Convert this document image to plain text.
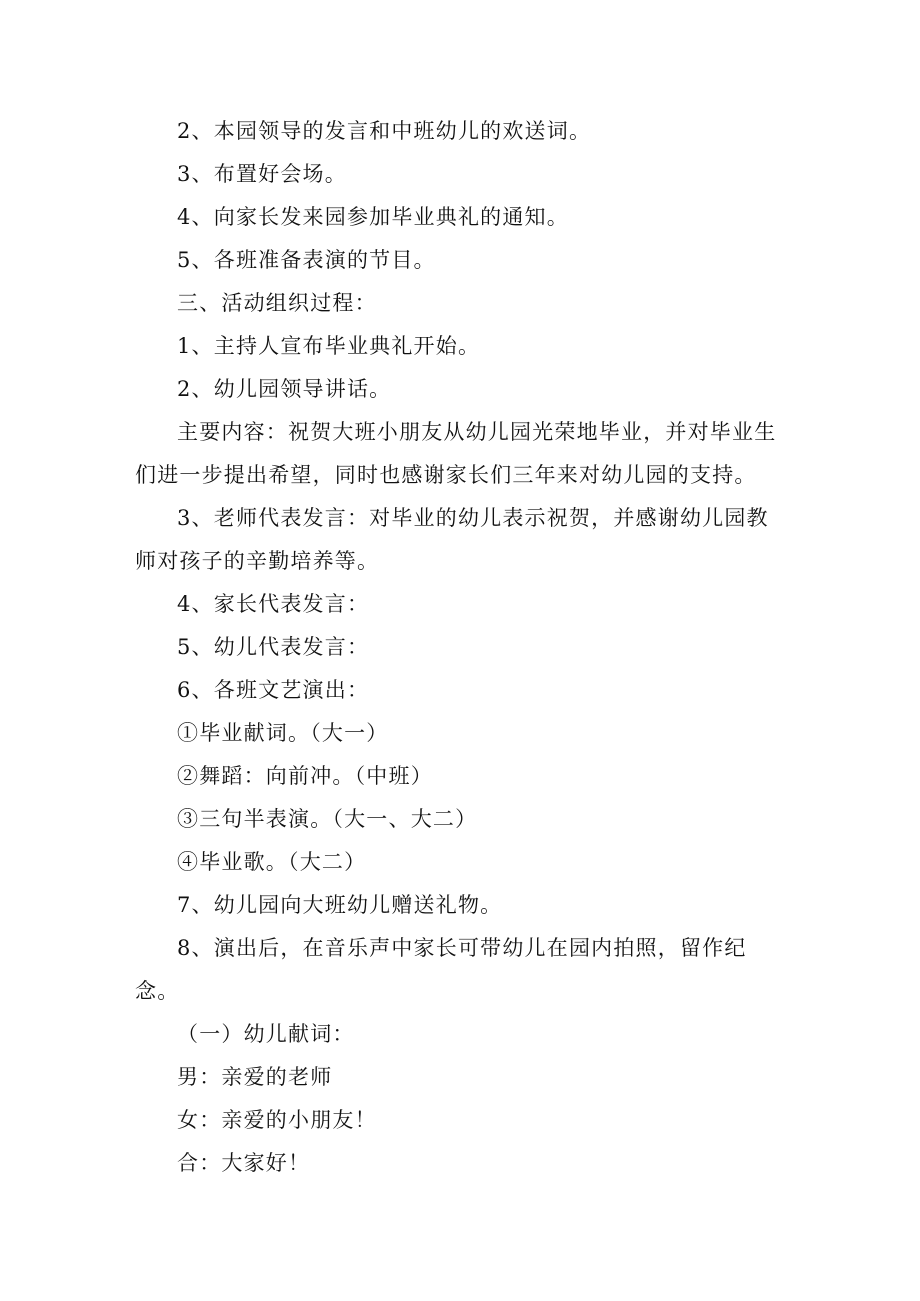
2、本园领导的发言和中班幼儿的欢送词。

3、布置好会场。

4、向家长发来园参加毕业典礼的通知。

5、各班准备表演的节目。

三、活动组织过程：

1、主持人宣布毕业典礼开始。

2、幼儿园领导讲话。

主要内容：祝贺大班小朋友从幼儿园光荣地毕业，并对毕业生们进一步提出希望，同时也感谢家长们三年来对幼儿园的支持。

3、老师代表发言：对毕业的幼儿表示祝贺，并感谢幼儿园教师对孩子的辛勤培养等。

4、家长代表发言：

5、幼儿代表发言：

6、各班文艺演出：

①毕业献词。（大一）

②舞蹈：向前冲。（中班）

③三句半表演。（大一、大二）

④毕业歌。（大二）

7、幼儿园向大班幼儿赠送礼物。

8、演出后，在音乐声中家长可带幼儿在园内拍照，留作纪念。

（一）幼儿献词：

男：亲爱的老师

女：亲爱的小朋友！

合：大家好！
